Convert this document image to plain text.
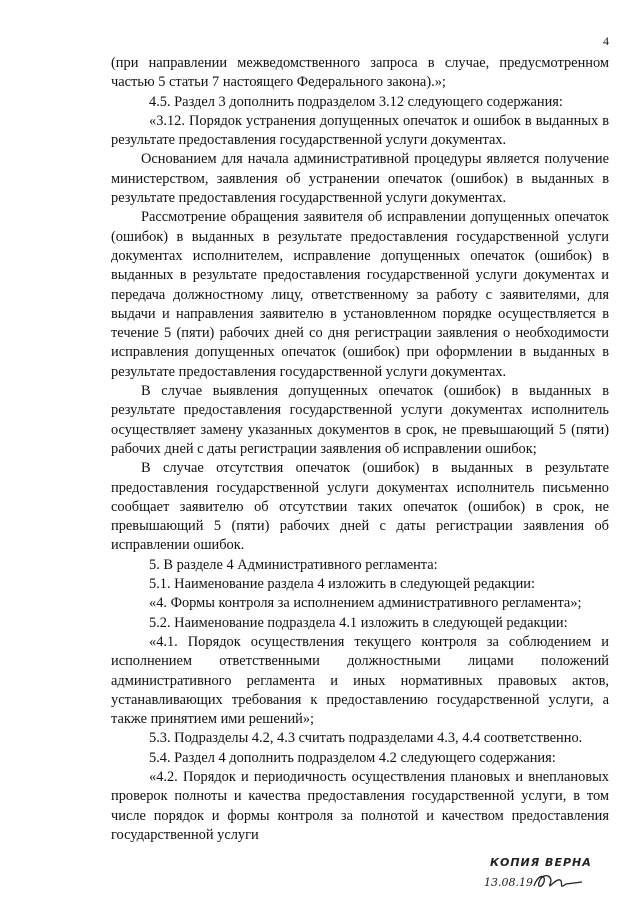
4

(при направлении межведомственного запроса в случае, предусмотренном частью 5 статьи 7 настоящего Федерального закона).»;

4.5. Раздел 3 дополнить подразделом 3.12 следующего содержания:

«3.12. Порядок устранения допущенных опечаток и ошибок в выданных в результате предоставления государственной услуги документах.

Основанием для начала административной процедуры является получение министерством, заявления об устранении опечаток (ошибок) в выданных в результате предоставления государственной услуги документах.

Рассмотрение обращения заявителя об исправлении допущенных опечаток (ошибок) в выданных в результате предоставления государственной услуги документах исполнителем, исправление допущенных опечаток (ошибок) в выданных в результате предоставления государственной услуги документах и передача должностному лицу, ответственному за работу с заявителями, для выдачи и направления заявителю в установленном порядке осуществляется в течение 5 (пяти) рабочих дней со дня регистрации заявления о необходимости исправления допущенных опечаток (ошибок) при оформлении в выданных в результате предоставления государственной услуги документах.

В случае выявления допущенных опечаток (ошибок) в выданных в результате предоставления государственной услуги документах исполнитель осуществляет замену указанных документов в срок, не превышающий 5 (пяти) рабочих дней с даты регистрации заявления об исправлении ошибок;

В случае отсутствия опечаток (ошибок) в выданных в результате предоставления государственной услуги документах исполнитель письменно сообщает заявителю об отсутствии таких опечаток (ошибок) в срок, не превышающий 5 (пяти) рабочих дней с даты регистрации заявления об исправлении ошибок.

5. В разделе 4 Административного регламента:

5.1. Наименование раздела 4 изложить в следующей редакции:

«4. Формы контроля за исполнением административного регламента»;

5.2. Наименование подраздела 4.1 изложить в следующей редакции:

«4.1. Порядок осуществления текущего контроля за соблюдением и исполнением ответственными должностными лицами положений административного регламента и иных нормативных правовых актов, устанавливающих требования к предоставлению государственной услуги, а также принятием ими решений»;

5.3. Подразделы 4.2, 4.3 считать подразделами 4.3, 4.4 соответственно.

5.4. Раздел 4 дополнить подразделом 4.2 следующего содержания:

«4.2. Порядок и периодичность осуществления плановых и внеплановых проверок полноты и качества предоставления государственной услуги, в том числе порядок и формы контроля за полнотой и качеством предоставления государственной услуги

КОПИЯ ВЕРНА
13.08.19
